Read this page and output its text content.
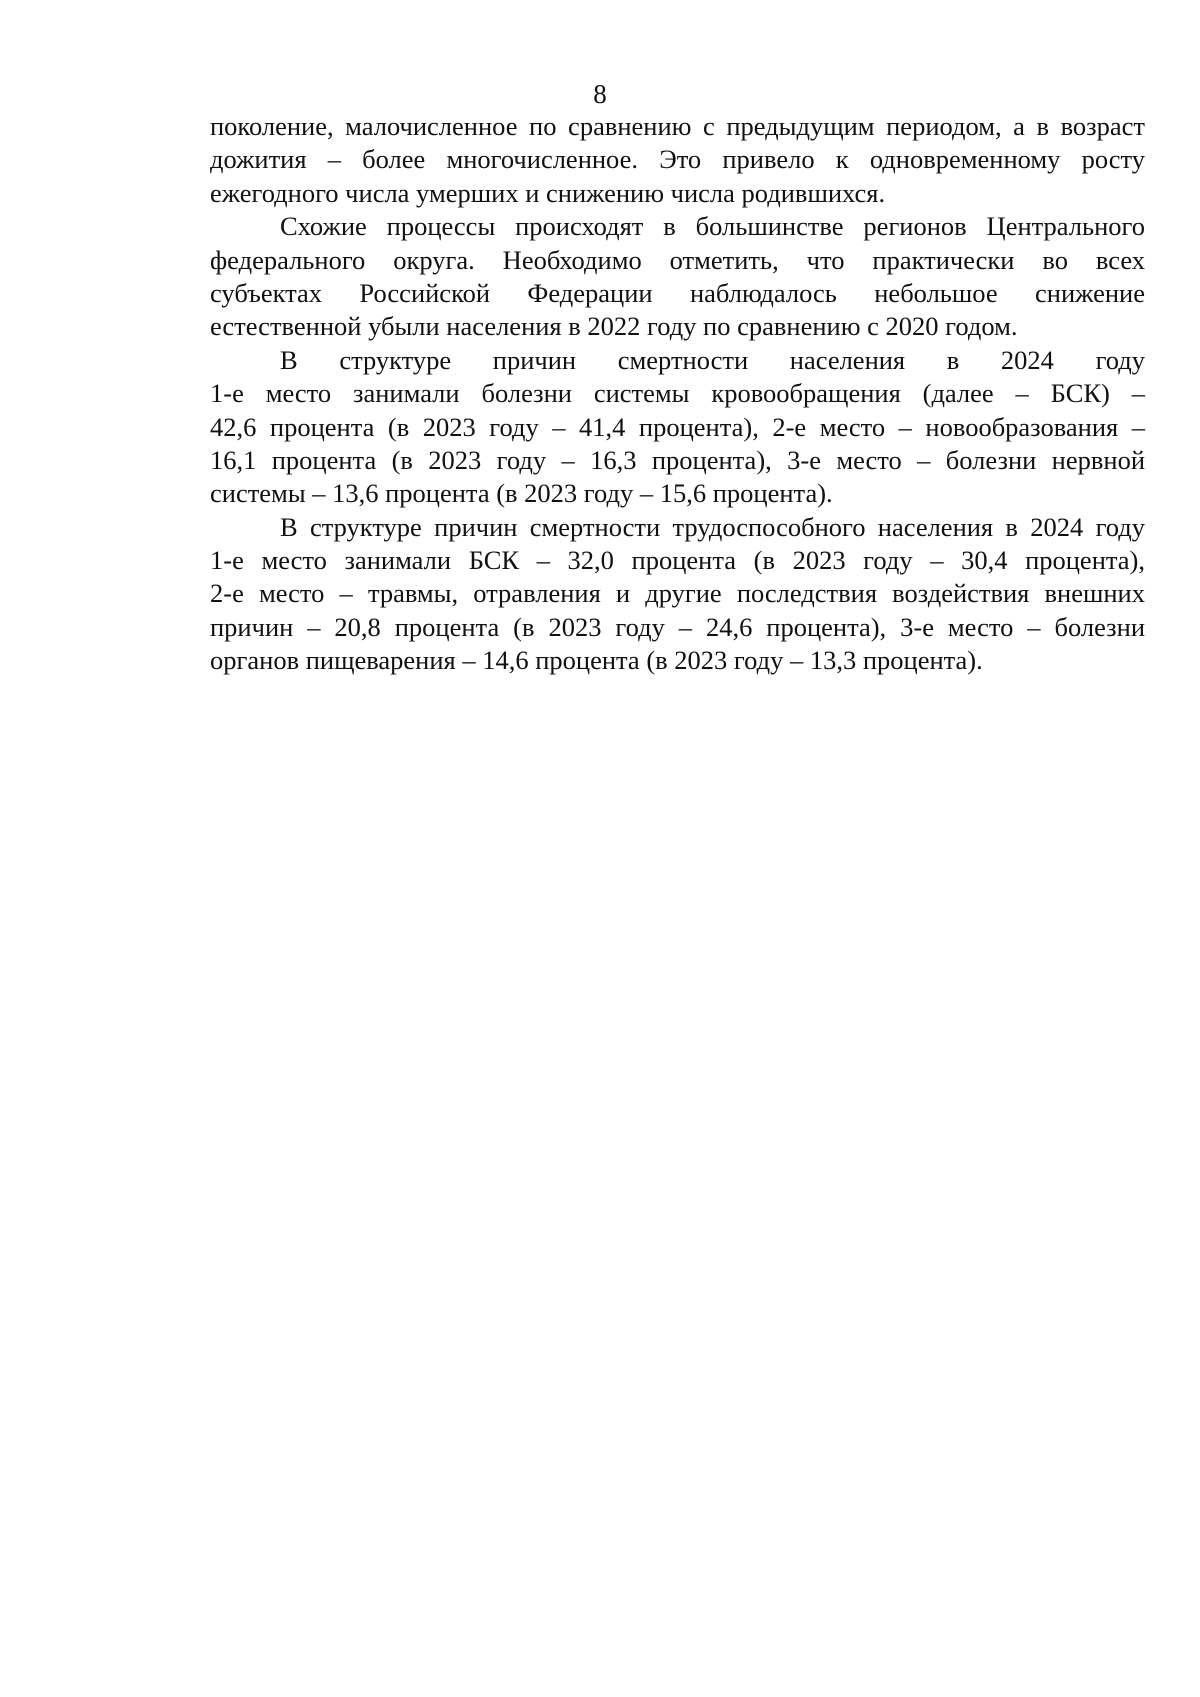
8
поколение, малочисленное по сравнению с предыдущим периодом, а в возраст
дожития – более многочисленное. Это привело к одновременному росту
ежегодного числа умерших и снижению числа родившихся.
Схожие процессы происходят в большинстве регионов Центрального
федерального округа. Необходимо отметить, что практически во всех
субъектах Российской Федерации наблюдалось небольшое снижение
естественной убыли населения в 2022 году по сравнению с 2020 годом.
В структуре причин смертности населения в 2024 году
1-е место занимали болезни системы кровообращения (далее – БСК) –
42,6 процента (в 2023 году – 41,4 процента), 2-е место – новообразования –
16,1 процента (в 2023 году – 16,3 процента), 3-е место – болезни нервной
системы – 13,6 процента (в 2023 году – 15,6 процента).
В структуре причин смертности трудоспособного населения в 2024 году
1-е место занимали БСК – 32,0 процента (в 2023 году – 30,4 процента),
2-е место – травмы, отравления и другие последствия воздействия внешних
причин – 20,8 процента (в 2023 году – 24,6 процента), 3-е место – болезни
органов пищеварения – 14,6 процента (в 2023 году – 13,3 процента).
